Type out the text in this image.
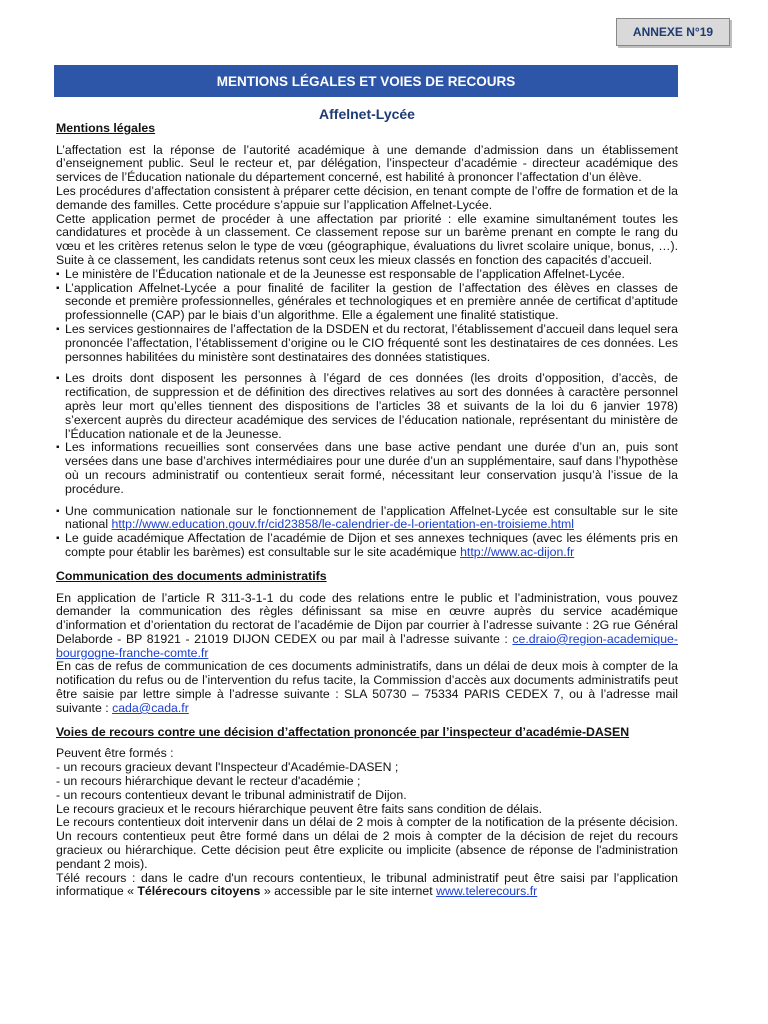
ANNEXE N°19
MENTIONS LÉGALES ET VOIES DE RECOURS
Affelnet-Lycée
Mentions légales

L’affectation est la réponse de l’autorité académique à une demande d’admission dans un établissement d’enseignement public. Seul le recteur et, par délégation, l’inspecteur d’académie - directeur académique des services de l’Éducation nationale du département concerné, est habilité à prononcer l’affectation d’un élève.

Les procédures d’affectation consistent à préparer cette décision, en tenant compte de l’offre de formation et de la demande des familles. Cette procédure s’appuie sur l’application Affelnet-Lycée.

Cette application permet de procéder à une affectation par priorité : elle examine simultanément toutes les candidatures et procède à un classement. Ce classement repose sur un barème prenant en compte le rang du vœu et les critères retenus selon le type de vœu (géographique, évaluations du livret scolaire unique, bonus, …). Suite à ce classement, les candidats retenus sont ceux les mieux classés en fonction des capacités d’accueil.

▪ Le ministère de l’Éducation nationale et de la Jeunesse est responsable de l’application Affelnet-Lycée.
▪ L’application Affelnet-Lycée a pour finalité de faciliter la gestion de l’affectation des élèves en classes de seconde et première professionnelles, générales et technologiques et en première année de certificat d’aptitude professionnelle (CAP) par le biais d’un algorithme. Elle a également une finalité statistique.
▪ Les services gestionnaires de l’affectation de la DSDEN et du rectorat, l’établissement d’accueil dans lequel sera prononcée l’affectation, l’établissement d’origine ou le CIO fréquenté sont les destinataires de ces données. Les personnes habilitées du ministère sont destinataires des données statistiques.
▪ Les droits dont disposent les personnes à l’égard de ces données (les droits d’opposition, d’accès, de rectification, de suppression et de définition des directives relatives au sort des données à caractère personnel après leur mort qu’elles tiennent des dispositions de l’articles 38 et suivants de la loi du 6 janvier 1978) s’exercent auprès du directeur académique des services de l’éducation nationale, représentant du ministère de l’Éducation nationale et de la Jeunesse.
▪ Les informations recueillies sont conservées dans une base active pendant une durée d’un an, puis sont versées dans une base d’archives intermédiaires pour une durée d’un an supplémentaire, sauf dans l’hypothèse où un recours administratif ou contentieux serait formé, nécessitant leur conservation jusqu’à l’issue de la procédure.
▪ Une communication nationale sur le fonctionnement de l’application Affelnet-Lycée est consultable sur le site national http://www.education.gouv.fr/cid23858/le-calendrier-de-l-orientation-en-troisieme.html
▪ Le guide académique Affectation de l’académie de Dijon et ses annexes techniques (avec les éléments pris en compte pour établir les barèmes) est consultable sur le site académique http://www.ac-dijon.fr
Communication des documents administratifs

En application de l’article R 311-3-1-1 du code des relations entre le public et l’administration, vous pouvez demander la communication des règles définissant sa mise en œuvre auprès du service académique d’information et d’orientation du rectorat de l’académie de Dijon par courrier à l’adresse suivante : 2G rue Général Delaborde - BP 81921 - 21019 DIJON CEDEX ou par mail à l’adresse suivante : ce.draio@region-academique-bourgogne-franche-comte.fr

En cas de refus de communication de ces documents administratifs, dans un délai de deux mois à compter de la notification du refus ou de l’intervention du refus tacite, la Commission d’accès aux documents administratifs peut être saisie par lettre simple à l’adresse suivante : SLA 50730 – 75334 PARIS CEDEX 7, ou à l’adresse mail suivante : cada@cada.fr

Voies de recours contre une décision d’affectation prononcée par l’inspecteur d’académie-DASEN

Peuvent être formés :

- un recours gracieux devant l'Inspecteur d'Académie-DASEN ;

- un recours hiérarchique devant le recteur d'académie ;

- un recours contentieux devant le tribunal administratif de Dijon.

Le recours gracieux et le recours hiérarchique peuvent être faits sans condition de délais.

Le recours contentieux doit intervenir dans un délai de 2 mois à compter de la notification de la présente décision. Un recours contentieux peut être formé dans un délai de 2 mois à compter de la décision de rejet du recours gracieux ou hiérarchique. Cette décision peut être explicite ou implicite (absence de réponse de l'administration pendant 2 mois).

Télé recours : dans le cadre d'un recours contentieux, le tribunal administratif peut être saisi par l’application informatique « Télérecours citoyens » accessible par le site internet www.telerecours.fr
